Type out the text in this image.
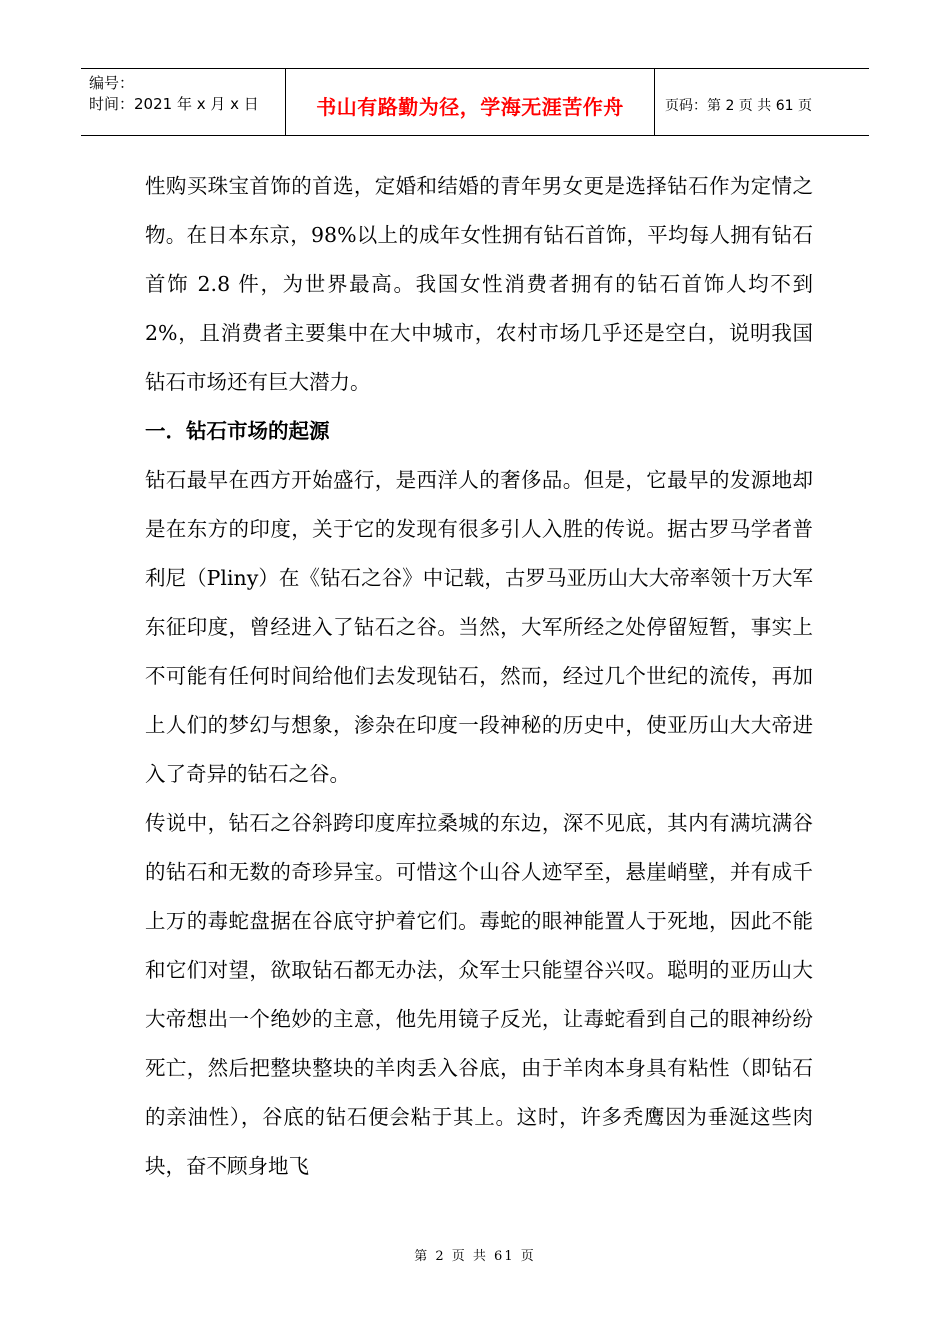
编号：
时间：2021 年 x 月 x 日	书山有路勤为径，学海无涯苦作舟	页码：第 2 页 共 61 页

性购买珠宝首饰的首选，定婚和结婚的青年男女更是选择钻石作为定情之物。在日本东京，98%以上的成年女性拥有钻石首饰，平均每人拥有钻石首饰 2.8 件，为世界最高。我国女性消费者拥有的钻石首饰人均不到 2%，且消费者主要集中在大中城市，农村市场几乎还是空白，说明我国钻石市场还有巨大潜力。

一．钻石市场的起源

钻石最早在西方开始盛行，是西洋人的奢侈品。但是，它最早的发源地却是在东方的印度，关于它的发现有很多引人入胜的传说。据古罗马学者普利尼（Pliny）在《钻石之谷》中记载，古罗马亚历山大大帝率领十万大军东征印度，曾经进入了钻石之谷。当然，大军所经之处停留短暂，事实上不可能有任何时间给他们去发现钻石，然而，经过几个世纪的流传，再加上人们的梦幻与想象，渗杂在印度一段神秘的历史中，使亚历山大大帝进入了奇异的钻石之谷。

传说中，钻石之谷斜跨印度库拉桑城的东边，深不见底，其内有满坑满谷的钻石和无数的奇珍异宝。可惜这个山谷人迹罕至，悬崖峭壁，并有成千上万的毒蛇盘据在谷底守护着它们。毒蛇的眼神能置人于死地，因此不能和它们对望，欲取钻石都无办法，众军士只能望谷兴叹。聪明的亚历山大大帝想出一个绝妙的主意，他先用镜子反光，让毒蛇看到自己的眼神纷纷死亡，然后把整块整块的羊肉丢入谷底，由于羊肉本身具有粘性（即钻石的亲油性），谷底的钻石便会粘于其上。这时，许多秃鹰因为垂涎这些肉块，奋不顾身地飞

第 2 页 共 61 页
